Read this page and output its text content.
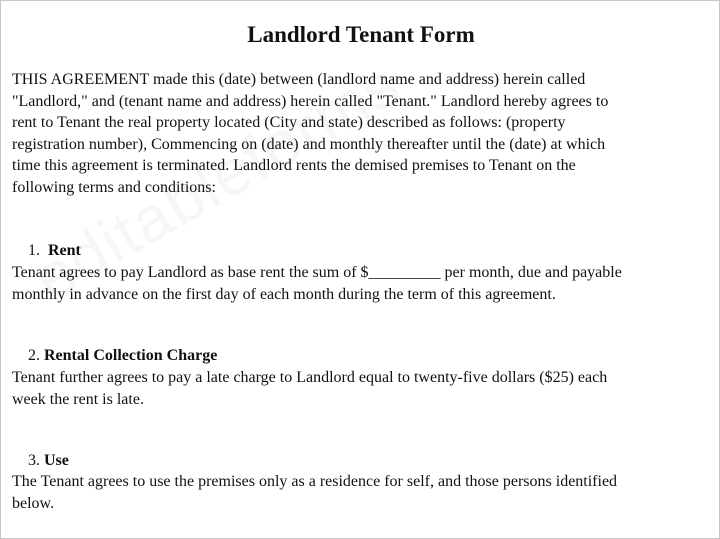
Landlord Tenant Form
THIS AGREEMENT made this (date) between (landlord name and address) herein called
"Landlord," and (tenant name and address) herein called "Tenant." Landlord hereby agrees to
rent to Tenant the real property located (City and state) described as follows: (property
registration number), Commencing on (date) and monthly thereafter until the (date) at which
time this agreement is terminated. Landlord rents the demised premises to Tenant on the
following terms and conditions:

1.  Rent

Tenant agrees to pay Landlord as base rent the sum of $_________ per month, due and payable
monthly in advance on the first day of each month during the term of this agreement.

2. Rental Collection Charge

Tenant further agrees to pay a late charge to Landlord equal to twenty-five dollars ($25) each
week the rent is late.

3. Use

The Tenant agrees to use the premises only as a residence for self, and those persons identified
below.
